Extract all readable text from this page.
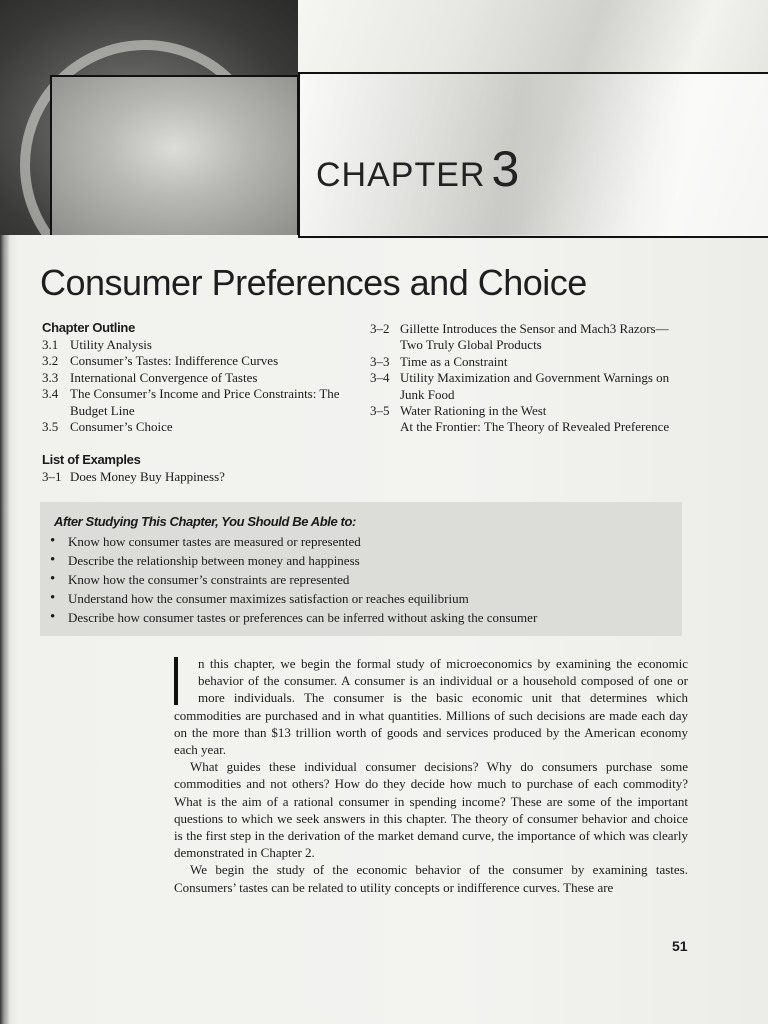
CHAPTER 3
Consumer Preferences and Choice
Chapter Outline
3.1 Utility Analysis
3.2 Consumer’s Tastes: Indifference Curves
3.3 International Convergence of Tastes
3.4 The Consumer’s Income and Price Constraints: The Budget Line
3.5 Consumer’s Choice
List of Examples
3–1 Does Money Buy Happiness?
3–2 Gillette Introduces the Sensor and Mach3 Razors—Two Truly Global Products
3–3 Time as a Constraint
3–4 Utility Maximization and Government Warnings on Junk Food
3–5 Water Rationing in the West
At the Frontier: The Theory of Revealed Preference
After Studying This Chapter, You Should Be Able to:
• Know how consumer tastes are measured or represented
• Describe the relationship between money and happiness
• Know how the consumer’s constraints are represented
• Understand how the consumer maximizes satisfaction or reaches equilibrium
• Describe how consumer tastes or preferences can be inferred without asking the consumer

n this chapter, we begin the formal study of microeconomics by examining the economic behavior of the consumer. A consumer is an individual or a household composed of one or more individuals. The consumer is the basic economic unit that determines which commodities are purchased and in what quantities. Millions of such decisions are made each day on the more than $13 trillion worth of goods and services produced by the American economy each year.

What guides these individual consumer decisions? Why do consumers purchase some commodities and not others? How do they decide how much to purchase of each commodity? What is the aim of a rational consumer in spending income? These are some of the important questions to which we seek answers in this chapter. The theory of consumer behavior and choice is the first step in the derivation of the market demand curve, the importance of which was clearly demonstrated in Chapter 2.

We begin the study of the economic behavior of the consumer by examining tastes. Consumers’ tastes can be related to utility concepts or indifference curves. These are

51
